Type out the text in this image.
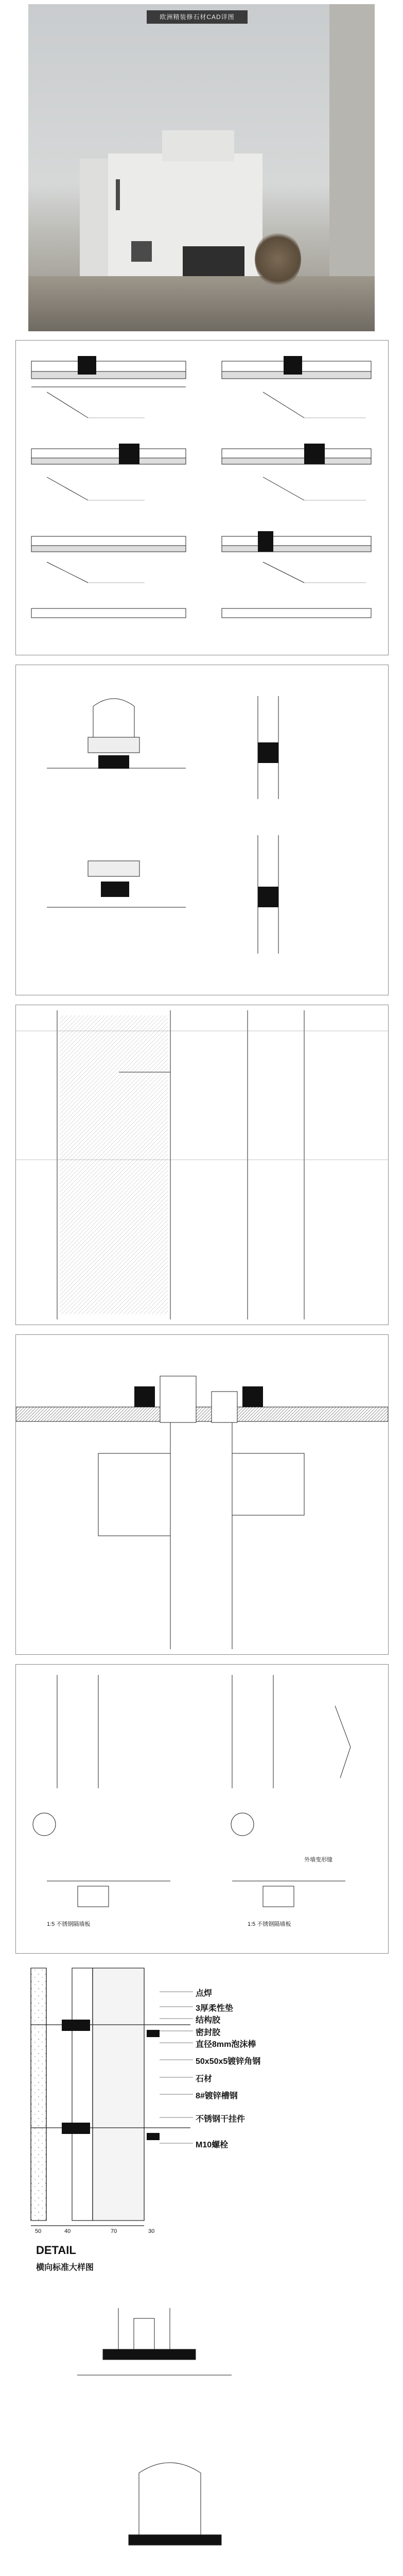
欧洲精装修石材CAD详图
1:5 不锈钢隔墙板	1:5 不锈钢隔墙板
外墙变形缝
点焊
3厚柔性垫
结构胶
密封胶
直径8mm泡沫棒
50x50x5镀锌角钢
石材
8#镀锌槽钢
不锈钢干挂件
M10螺栓
50	40	70	30
DETAIL
横向标准大样图
